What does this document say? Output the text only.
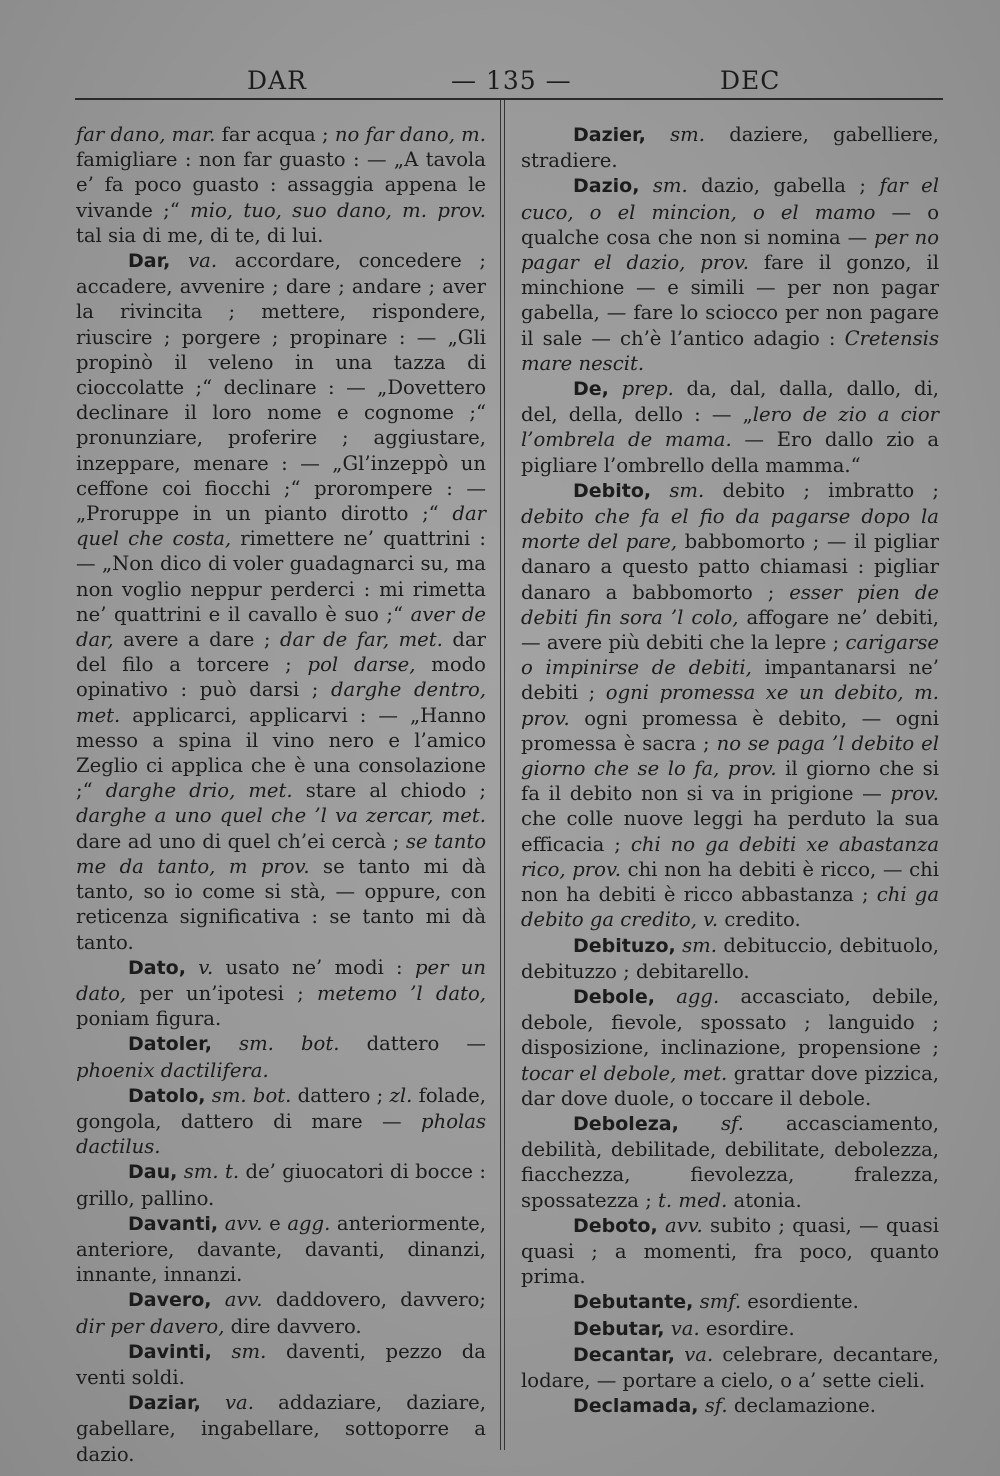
DAR	— 135 —	DEC

far dano, mar. far acqua ; no far dano, m. famigliare : non far guasto : — „A tavola e’ fa poco guasto : assaggia appena le vivande ;“ mio, tuo, suo dano, m. prov. tal sia di me, di te, di lui.

Dar, va. accordare, concedere ; accadere, avvenire ; dare ; andare ; aver la rivincita ; mettere, rispondere, riuscire ; porgere ; propinare : — „Gli propinò il veleno in una tazza di cioccolatte ;“ declinare : — „Dovettero declinare il loro nome e cognome ;“ pronunziare, proferire ; aggiustare, inzeppare, menare : — „Gl’inzeppò un ceffone coi fiocchi ;“ prorompere : — „Proruppe in un pianto dirotto ;“ dar quel che costa, rimettere ne’ quattrini : — „Non dico di voler guadagnarci su, ma non voglio neppur perderci : mi rimetta ne’ quattrini e il cavallo è suo ;“ aver de dar, avere a dare ; dar de far, met. dar del filo a torcere ; pol darse, modo opinativo : può darsi ; darghe dentro, met. applicarci, applicarvi : — „Hanno messo a spina il vino nero e l’amico Zeglio ci applica che è una consolazione ;“ darghe drio, met. stare al chiodo ; darghe a uno quel che ’l va zercar, met. dare ad uno di quel ch’ei cercà ; se tanto me da tanto, m prov. se tanto mi dà tanto, so io come si stà, — oppure, con reticenza significativa : se tanto mi dà tanto.

Dato, v. usato ne’ modi : per un dato, per un’ipotesi ; metemo ’l dato, poniam figura.

Datoler, sm. bot. dattero — phoenix dactilifera.

Datolo, sm. bot. dattero ; zl. folade, gongola, dattero di mare — pholas dactilus.

Dau, sm. t. de’ giuocatori di bocce : grillo, pallino.

Davanti, avv. e agg. anteriormente, anteriore, davante, davanti, dinanzi, innante, innanzi.

Davero, avv. daddovero, davvero; dir per davero, dire davvero.

Davinti, sm. daventi, pezzo da venti soldi.

Daziar, va. addaziare, daziare, gabellare, ingabellare, sottoporre a dazio.

Dazier, sm. daziere, gabelliere, stradiere.

Dazio, sm. dazio, gabella ; far el cuco, o el mincion, o el mamo — o qualche cosa che non si nomina — per no pagar el dazio, prov. fare il gonzo, il minchione — e simili — per non pagar gabella, — fare lo sciocco per non pagare il sale — ch’è l’antico adagio : Cretensis mare nescit.

De, prep. da, dal, dalla, dallo, di, del, della, dello : — „lero de zio a cior l’ombrela de mama. — Ero dallo zio a pigliare l’ombrello della mamma.“

Debito, sm. debito ; imbratto ; debito che fa el fio da pagarse dopo la morte del pare, babbomorto ; — il pigliar danaro a questo patto chiamasi : pigliar danaro a babbomorto ; esser pien de debiti fin sora ’l colo, affogare ne’ debiti, — avere più debiti che la lepre ; carigarse o impinirse de debiti, impantanarsi ne’ debiti ; ogni promessa xe un debito, m. prov. ogni promessa è debito, — ogni promessa è sacra ; no se paga ’l debito el giorno che se lo fa, prov. il giorno che si fa il debito non si va in prigione — prov. che colle nuove leggi ha perduto la sua efficacia ; chi no ga debiti xe abastanza rico, prov. chi non ha debiti è ricco, — chi non ha debiti è ricco abbastanza ; chi ga debito ga credito, v. credito.

Debituzo, sm. debituccio, debituolo, debituzzo ; debitarello.

Debole, agg. accasciato, debile, debole, fievole, spossato ; languido ; disposizione, inclinazione, propensione ; tocar el debole, met. grattar dove pizzica, dar dove duole, o toccare il debole.

Deboleza, sf. accasciamento, debilità, debilitade, debilitate, debolezza, fiacchezza, fievolezza, fralezza, spossatezza ; t. med. atonia.

Deboto, avv. subito ; quasi, — quasi quasi ; a momenti, fra poco, quanto prima.

Debutante, smf. esordiente.

Debutar, va. esordire.

Decantar, va. celebrare, decantare, lodare, — portare a cielo, o a’ sette cieli.

Declamada, sf. declamazione.
